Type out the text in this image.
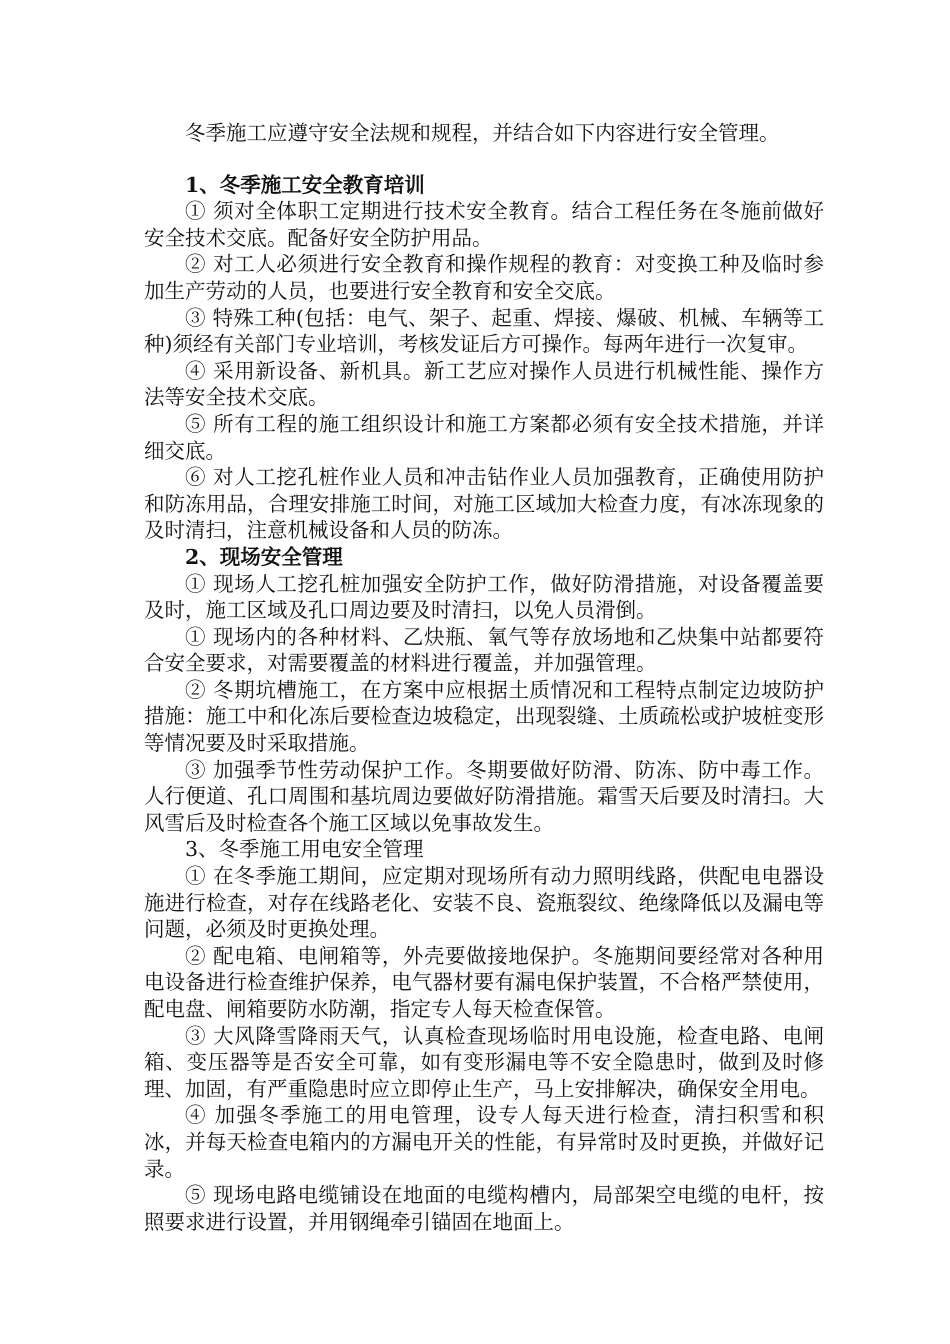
冬季施工应遵守安全法规和规程，并结合如下内容进行安全管理。

1、冬季施工安全教育培训

① 须对全体职工定期进行技术安全教育。结合工程任务在冬施前做好安全技术交底。配备好安全防护用品。

② 对工人必须进行安全教育和操作规程的教育：对变换工种及临时参加生产劳动的人员，也要进行安全教育和安全交底。

③ 特殊工种(包括：电气、架子、起重、焊接、爆破、机械、车辆等工种)须经有关部门专业培训，考核发证后方可操作。每两年进行一次复审。

④ 采用新设备、新机具。新工艺应对操作人员进行机械性能、操作方法等安全技术交底。

⑤ 所有工程的施工组织设计和施工方案都必须有安全技术措施，并详细交底。

⑥ 对人工挖孔桩作业人员和冲击钻作业人员加强教育，正确使用防护和防冻用品，合理安排施工时间，对施工区域加大检查力度，有冰冻现象的及时清扫，注意机械设备和人员的防冻。

2、现场安全管理

① 现场人工挖孔桩加强安全防护工作，做好防滑措施，对设备覆盖要及时，施工区域及孔口周边要及时清扫，以免人员滑倒。

① 现场内的各种材料、乙炔瓶、氧气等存放场地和乙炔集中站都要符合安全要求，对需要覆盖的材料进行覆盖，并加强管理。

② 冬期坑槽施工，在方案中应根据土质情况和工程特点制定边坡防护措施：施工中和化冻后要检查边坡稳定，出现裂缝、土质疏松或护坡桩变形等情况要及时采取措施。

③ 加强季节性劳动保护工作。冬期要做好防滑、防冻、防中毒工作。人行便道、孔口周围和基坑周边要做好防滑措施。霜雪天后要及时清扫。大风雪后及时检查各个施工区域以免事故发生。

3、冬季施工用电安全管理

① 在冬季施工期间，应定期对现场所有动力照明线路，供配电电器设施进行检查，对存在线路老化、安装不良、瓷瓶裂纹、绝缘降低以及漏电等问题，必须及时更换处理。

② 配电箱、电闸箱等，外壳要做接地保护。冬施期间要经常对各种用电设备进行检查维护保养，电气器材要有漏电保护装置，不合格严禁使用，配电盘、闸箱要防水防潮，指定专人每天检查保管。

③ 大风降雪降雨天气，认真检查现场临时用电设施，检查电路、电闸箱、变压器等是否安全可靠，如有变形漏电等不安全隐患时，做到及时修理、加固，有严重隐患时应立即停止生产，马上安排解决，确保安全用电。

④ 加强冬季施工的用电管理，设专人每天进行检查，清扫积雪和积冰，并每天检查电箱内的方漏电开关的性能，有异常时及时更换，并做好记录。

⑤ 现场电路电缆铺设在地面的电缆构槽内，局部架空电缆的电杆，按照要求进行设置，并用钢绳牵引锚固在地面上。
